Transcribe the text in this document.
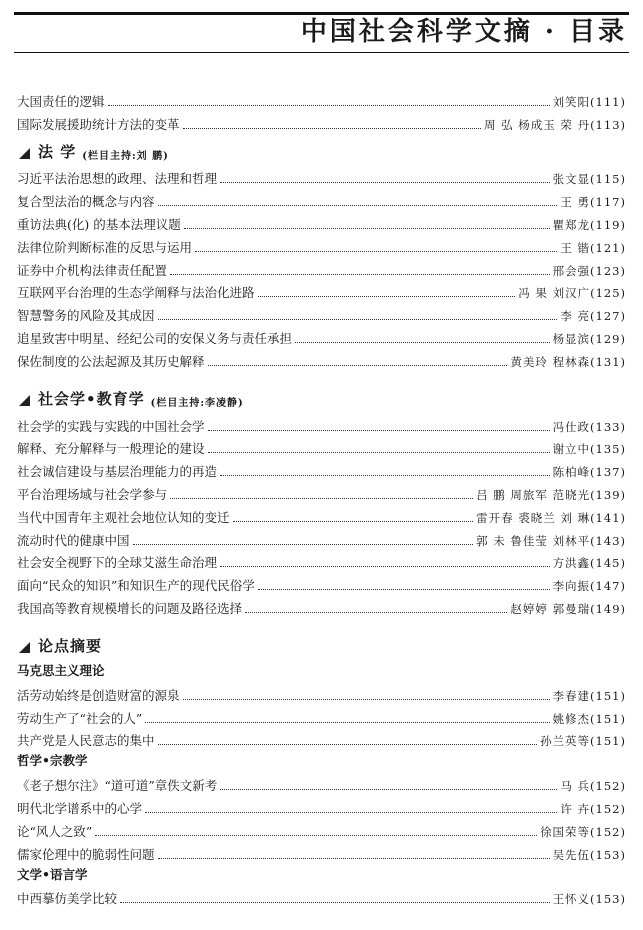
中国社会科学文摘 · 目录
大国责任的逻辑	刘笑阳(111)
国际发展援助统计方法的变革	周 弘 杨成玉 荣 丹(113)
法 学 (栏目主持:刘 鹏)
习近平法治思想的政理、法理和哲理	张文显(115)
复合型法治的概念与内容	王 勇(117)
重访法典(化) 的基本法理议题	瞿郑龙(119)
法律位阶判断标准的反思与运用	王 锴(121)
证券中介机构法律责任配置	邢会强(123)
互联网平台治理的生态学阐释与法治化进路	冯 果 刘汉广(125)
智慧警务的风险及其成因	李 亮(127)
追星致害中明星、经纪公司的安保义务与责任承担	杨显滨(129)
保佐制度的公法起源及其历史解释	黄美玲 程林森(131)
社会学•教育学 (栏目主持:李凌静)
社会学的实践与实践的中国社会学	冯仕政(133)
解释、充分解释与一般理论的建设	谢立中(135)
社会诚信建设与基层治理能力的再造	陈柏峰(137)
平台治理场域与社会学参与	吕 鹏 周旅军 范晓光(139)
当代中国青年主观社会地位认知的变迁	雷开春 裘晓兰 刘 琳(141)
流动时代的健康中国	郭 未 鲁佳莹 刘林平(143)
社会安全视野下的全球艾滋生命治理	方洪鑫(145)
面向“民众的知识”和知识生产的现代民俗学	李向振(147)
我国高等教育规模增长的问题及路径选择	赵婷婷 郭曼瑞(149)
论点摘要
马克思主义理论
活劳动始终是创造财富的源泉	李春建(151)
劳动生产了“社会的人”	姚修杰(151)
共产党是人民意志的集中	孙兰英等(151)
哲学•宗教学
《老子想尔注》“道可道”章佚文新考	马 兵(152)
明代北学谱系中的心学	许 卉(152)
论“风人之致”	徐国荣等(152)
儒家伦理中的脆弱性问题	吴先伍(153)
文学•语言学
中西摹仿美学比较	王怀义(153)
